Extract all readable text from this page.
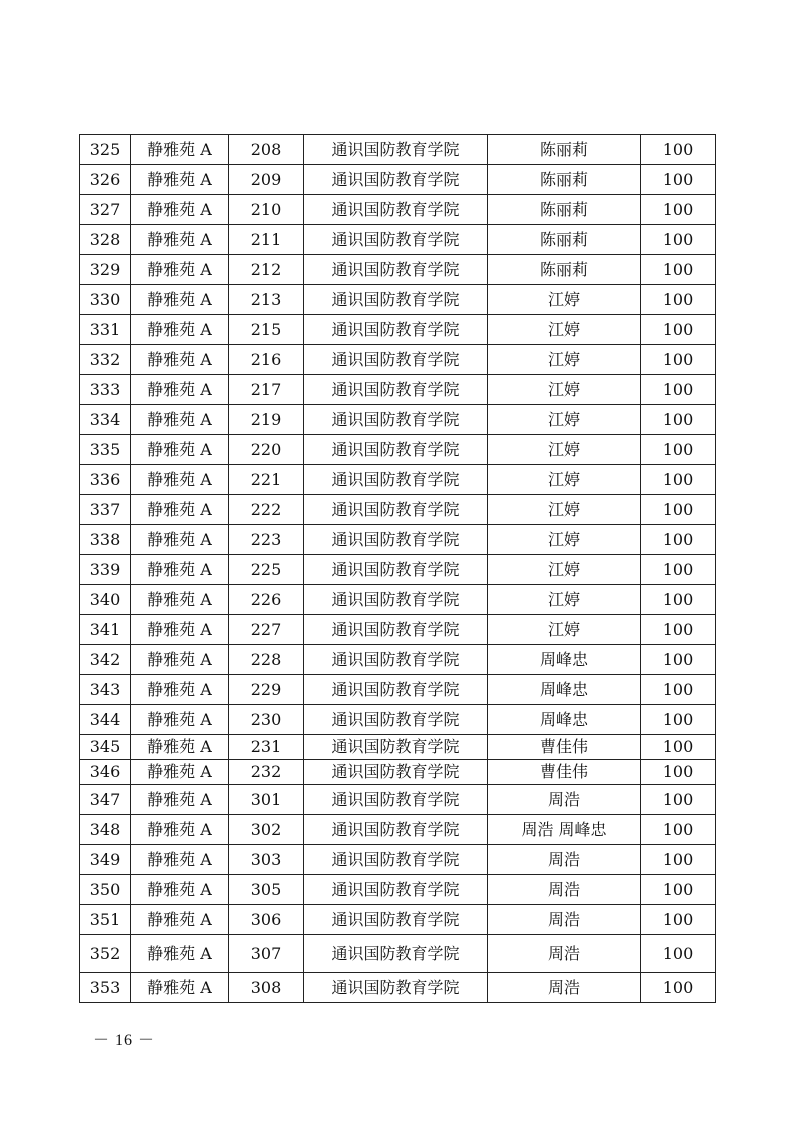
325	静雅苑 A	208	通识国防教育学院	陈丽莉	100
326	静雅苑 A	209	通识国防教育学院	陈丽莉	100
327	静雅苑 A	210	通识国防教育学院	陈丽莉	100
328	静雅苑 A	211	通识国防教育学院	陈丽莉	100
329	静雅苑 A	212	通识国防教育学院	陈丽莉	100
330	静雅苑 A	213	通识国防教育学院	江婷	100
331	静雅苑 A	215	通识国防教育学院	江婷	100
332	静雅苑 A	216	通识国防教育学院	江婷	100
333	静雅苑 A	217	通识国防教育学院	江婷	100
334	静雅苑 A	219	通识国防教育学院	江婷	100
335	静雅苑 A	220	通识国防教育学院	江婷	100
336	静雅苑 A	221	通识国防教育学院	江婷	100
337	静雅苑 A	222	通识国防教育学院	江婷	100
338	静雅苑 A	223	通识国防教育学院	江婷	100
339	静雅苑 A	225	通识国防教育学院	江婷	100
340	静雅苑 A	226	通识国防教育学院	江婷	100
341	静雅苑 A	227	通识国防教育学院	江婷	100
342	静雅苑 A	228	通识国防教育学院	周峰忠	100
343	静雅苑 A	229	通识国防教育学院	周峰忠	100
344	静雅苑 A	230	通识国防教育学院	周峰忠	100
345	静雅苑 A	231	通识国防教育学院	曹佳伟	100
346	静雅苑 A	232	通识国防教育学院	曹佳伟	100
347	静雅苑 A	301	通识国防教育学院	周浩	100
348	静雅苑 A	302	通识国防教育学院	周浩 周峰忠	100
349	静雅苑 A	303	通识国防教育学院	周浩	100
350	静雅苑 A	305	通识国防教育学院	周浩	100
351	静雅苑 A	306	通识国防教育学院	周浩	100
352	静雅苑 A	307	通识国防教育学院	周浩	100
353	静雅苑 A	308	通识国防教育学院	周浩	100
－ 16 －
